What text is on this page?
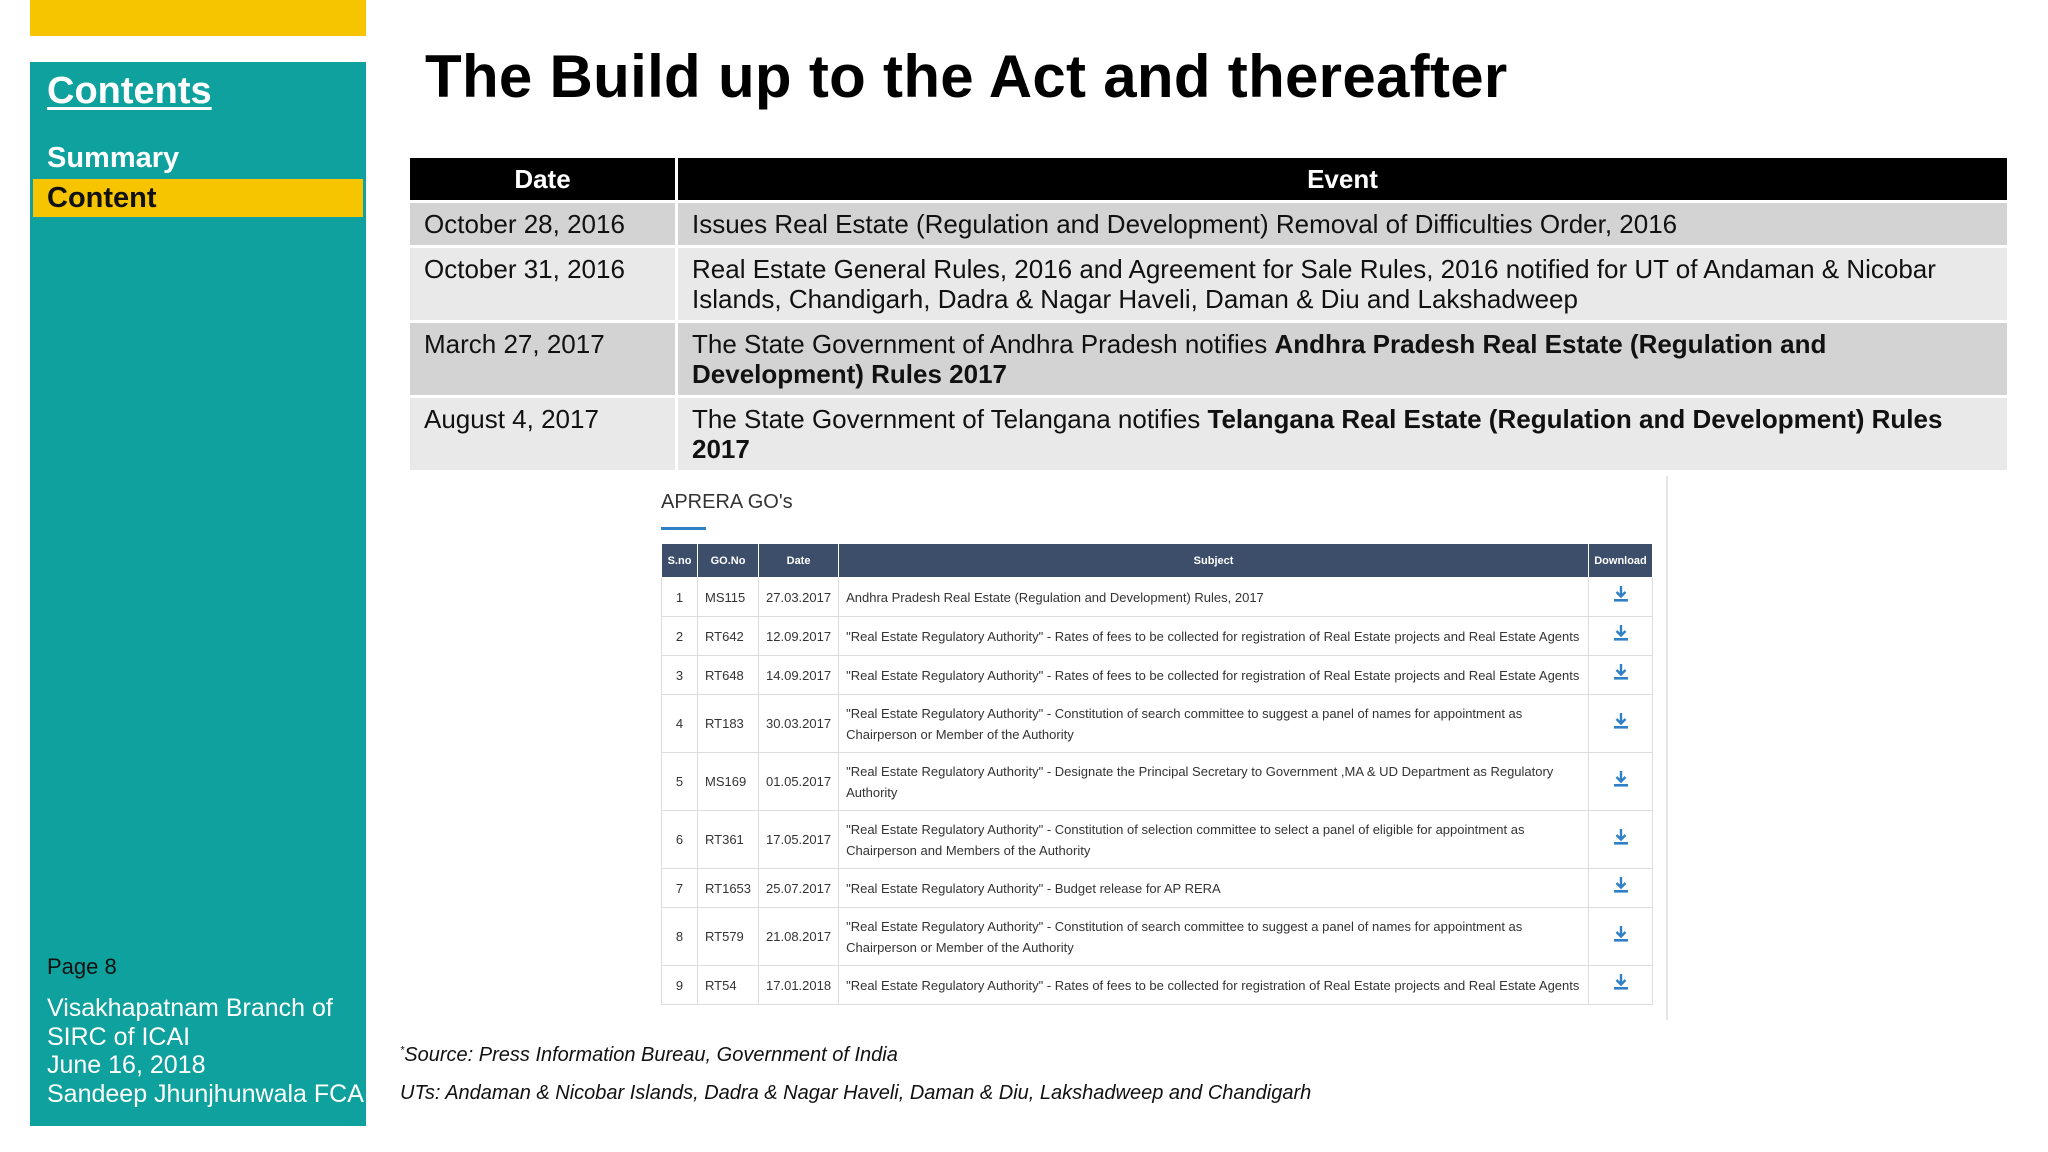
Contents
Summary
Content
Page 8
Visakhapatnam Branch of
SIRC of ICAI
June 16, 2018
Sandeep Jhunjhunwala FCA
The Build up to the Act and thereafter
Date	Event
October 28, 2016	Issues Real Estate (Regulation and Development) Removal of Difficulties Order, 2016
October 31, 2016	Real Estate General Rules, 2016 and Agreement for Sale Rules, 2016 notified for UT of Andaman & Nicobar Islands, Chandigarh, Dadra & Nagar Haveli, Daman & Diu and Lakshadweep
March 27, 2017	The State Government of Andhra Pradesh notifies Andhra Pradesh Real Estate (Regulation and Development) Rules 2017
August 4, 2017	The State Government of Telangana notifies Telangana Real Estate (Regulation and Development) Rules 2017
APRERA GO's
S.no	GO.No	Date	Subject	Download
1	MS115	27.03.2017	Andhra Pradesh Real Estate (Regulation and Development) Rules, 2017	
2	RT642	12.09.2017	"Real Estate Regulatory Authority" - Rates of fees to be collected for registration of Real Estate projects and Real Estate Agents	
3	RT648	14.09.2017	"Real Estate Regulatory Authority" - Rates of fees to be collected for registration of Real Estate projects and Real Estate Agents	
4	RT183	30.03.2017	"Real Estate Regulatory Authority" - Constitution of search committee to suggest a panel of names for appointment as Chairperson or Member of the Authority	
5	MS169	01.05.2017	"Real Estate Regulatory Authority" - Designate the Principal Secretary to Government ,MA & UD Department as Regulatory Authority	
6	RT361	17.05.2017	"Real Estate Regulatory Authority" - Constitution of selection committee to select a panel of eligible for appointment as Chairperson and Members of the Authority	
7	RT1653	25.07.2017	"Real Estate Regulatory Authority" - Budget release for AP RERA	
8	RT579	21.08.2017	"Real Estate Regulatory Authority" - Constitution of search committee to suggest a panel of names for appointment as Chairperson or Member of the Authority	
9	RT54	17.01.2018	"Real Estate Regulatory Authority" - Rates of fees to be collected for registration of Real Estate projects and Real Estate Agents	
*Source: Press Information Bureau, Government of India
UTs: Andaman & Nicobar Islands, Dadra & Nagar Haveli, Daman & Diu, Lakshadweep and Chandigarh
